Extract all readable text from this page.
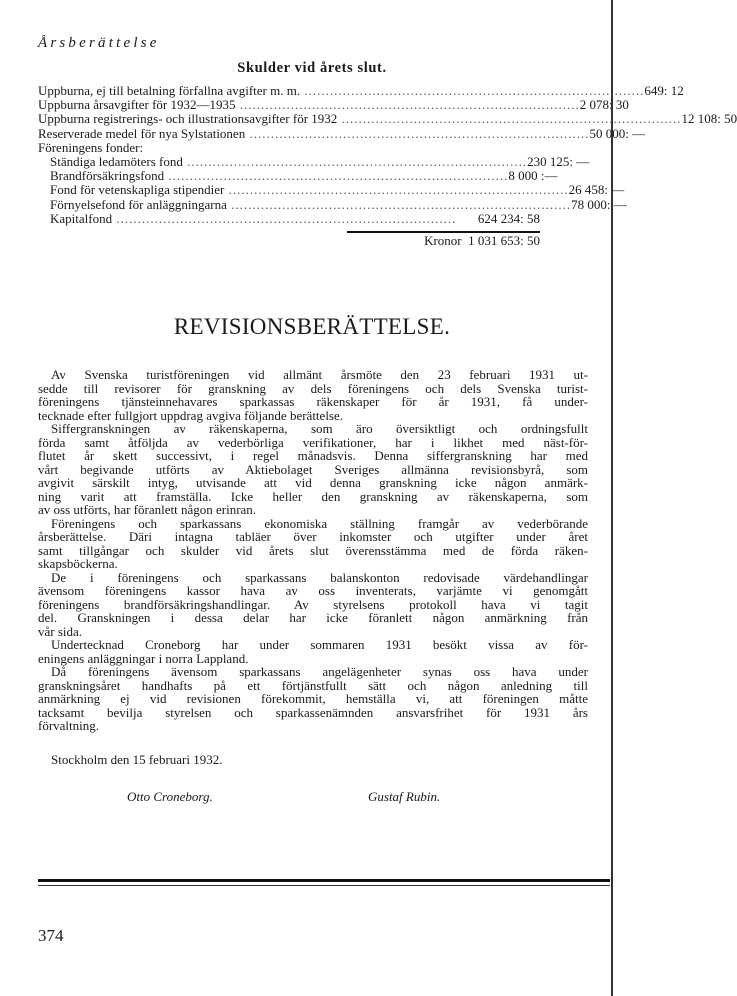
Årsberättelse
Skulder vid årets slut.
Uppburna, ej till betalning förfallna avgifter m. m. ................................................................................ 649: 12
Uppburna årsavgifter för 1932—1935 ................................................................................ 2 078: 30
Uppburna registrerings- och illustrationsavgifter för 1932 ................................................................................ 12 108: 50
Reserverade medel för nya Sylstationen ................................................................................ 50 000: —
Föreningens fonder:
Ständiga ledamöters fond ................................................................................ 230 125: —
Brandförsäkringsfond ................................................................................ 8 000 :—
Fond för vetenskapliga stipendier ................................................................................ 26 458: —
Förnyelsefond för anläggningarna ................................................................................ 78 000: —
Kapitalfond ................................................................................	624 234: 58
Kronor 1 031 653: 50
REVISIONSBERÄTTELSE.
Av Svenska turistföreningen vid allmänt årsmöte den 23 februari 1931 ut-
sedde till revisorer för granskning av dels föreningens och dels Svenska turist-
föreningens tjänsteinnehavares sparkassas räkenskaper för år 1931, få under-
tecknade efter fullgjort uppdrag avgiva följande berättelse.
Siffergranskningen av räkenskaperna, som äro översiktligt och ordningsfullt
förda samt åtföljda av vederbörliga verifikationer, har i likhet med näst-för-
flutet år skett successivt, i regel månadsvis. Denna siffergranskning har med
vårt begivande utförts av Aktiebolaget Sveriges allmänna revisionsbyrå, som
avgivit särskilt intyg, utvisande att vid denna granskning icke någon anmärk-
ning varit att framställa. Icke heller den granskning av räkenskaperna, som
av oss utförts, har föranlett någon erinran.
Föreningens och sparkassans ekonomiska ställning framgår av vederbörande
årsberättelse. Däri intagna tabläer över inkomster och utgifter under året
samt tillgångar och skulder vid årets slut överensstämma med de förda räken-
skapsböckerna.
De i föreningens och sparkassans balanskonton redovisade värdehandlingar
ävensom föreningens kassor hava av oss inventerats, varjämte vi genomgått
föreningens brandförsäkringshandlingar. Av styrelsens protokoll hava vi tagit
del. Granskningen i dessa delar har icke föranlett någon anmärkning från
vår sida.
Undertecknad Croneborg har under sommaren 1931 besökt vissa av för-
eningens anläggningar i norra Lappland.
Då föreningens ävensom sparkassans angelägenheter synas oss hava under
granskningsåret handhafts på ett förtjänstfullt sätt och någon anledning till
anmärkning ej vid revisionen förekommit, hemställa vi, att föreningen måtte
tacksamt bevilja styrelsen och sparkassenämnden ansvarsfrihet för 1931 års
förvaltning.
Stockholm den 15 februari 1932.
Otto Croneborg.	Gustaf Rubin.
374
